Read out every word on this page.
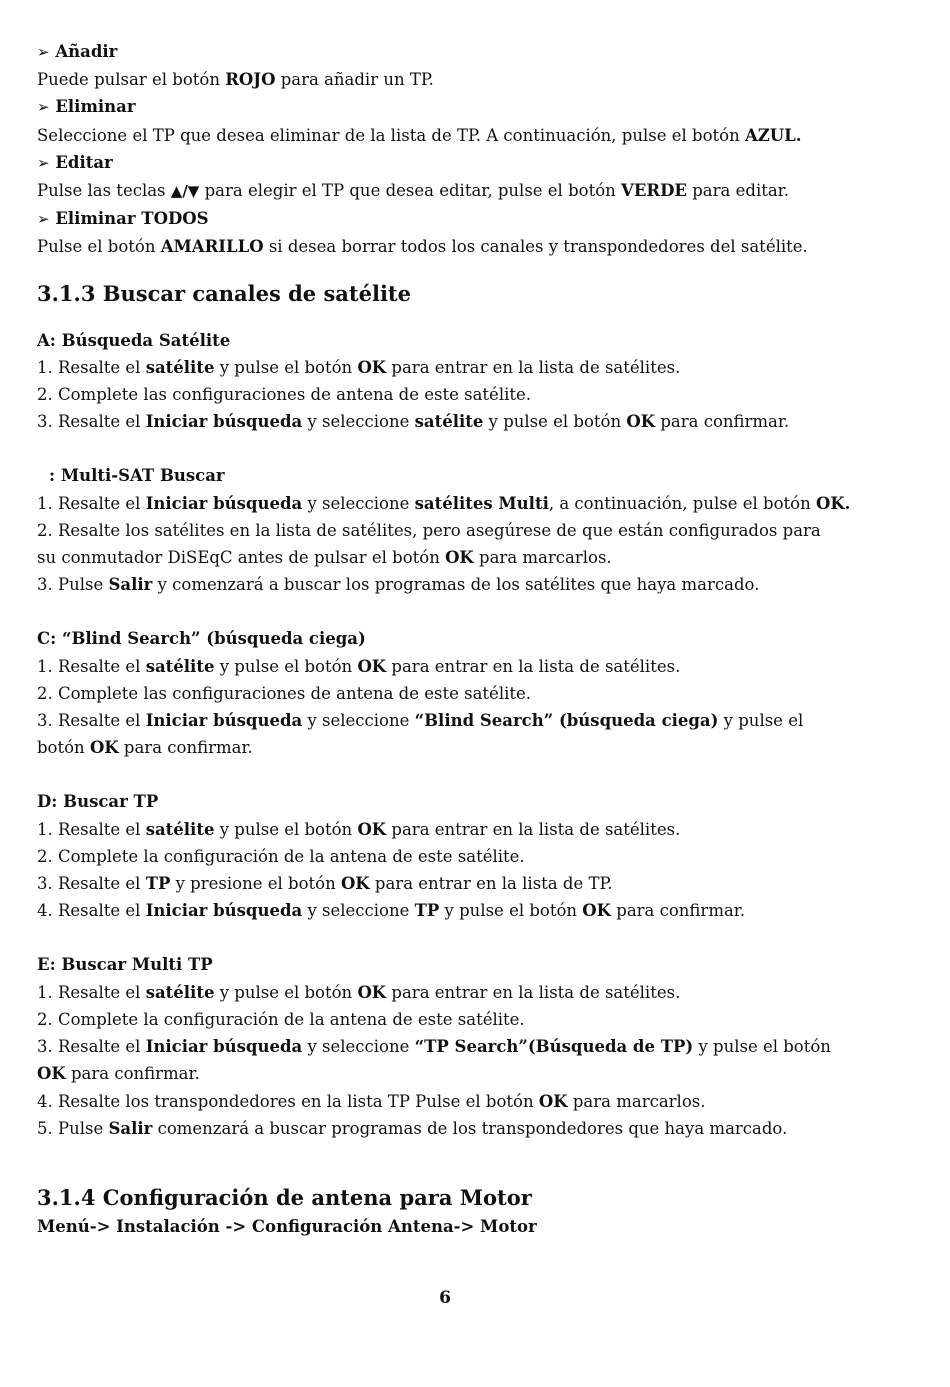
➢ Añadir
Puede pulsar el botón ROJO para añadir un TP.
➢ Eliminar
Seleccione el TP que desea eliminar de la lista de TP. A continuación, pulse el botón AZUL.
➢ Editar
Pulse las teclas ▲/▼ para elegir el TP que desea editar, pulse el botón VERDE para editar.
➢ Eliminar TODOS
Pulse el botón AMARILLO si desea borrar todos los canales y transpondedores del satélite.
3.1.3 Buscar canales de satélite
A: Búsqueda Satélite
1. Resalte el satélite y pulse el botón OK para entrar en la lista de satélites.
2. Complete las configuraciones de antena de este satélite.
3. Resalte el Iniciar búsqueda y seleccione satélite y pulse el botón OK para confirmar.
: Multi-SAT Buscar
1. Resalte el Iniciar búsqueda y seleccione satélites Multi, a continuación, pulse el botón OK.
2. Resalte los satélites en la lista de satélites, pero asegúrese de que están configurados para
su conmutador DiSEqC antes de pulsar el botón OK para marcarlos.
3. Pulse Salir y comenzará a buscar los programas de los satélites que haya marcado.
C: “Blind Search” (búsqueda ciega)
1. Resalte el satélite y pulse el botón OK para entrar en la lista de satélites.
2. Complete las configuraciones de antena de este satélite.
3. Resalte el Iniciar búsqueda y seleccione “Blind Search” (búsqueda ciega) y pulse el
botón OK para confirmar.
D: Buscar TP
1. Resalte el satélite y pulse el botón OK para entrar en la lista de satélites.
2. Complete la configuración de la antena de este satélite.
3. Resalte el TP y presione el botón OK para entrar en la lista de TP.
4. Resalte el Iniciar búsqueda y seleccione TP y pulse el botón OK para confirmar.
E: Buscar Multi TP
1. Resalte el satélite y pulse el botón OK para entrar en la lista de satélites.
2. Complete la configuración de la antena de este satélite.
3. Resalte el Iniciar búsqueda y seleccione “TP Search”(Búsqueda de TP) y pulse el botón
OK para confirmar.
4. Resalte los transpondedores en la lista TP Pulse el botón OK para marcarlos.
5. Pulse Salir comenzará a buscar programas de los transpondedores que haya marcado.
3.1.4 Configuración de antena para Motor
Menú-> Instalación -> Configuración Antena-> Motor
6
